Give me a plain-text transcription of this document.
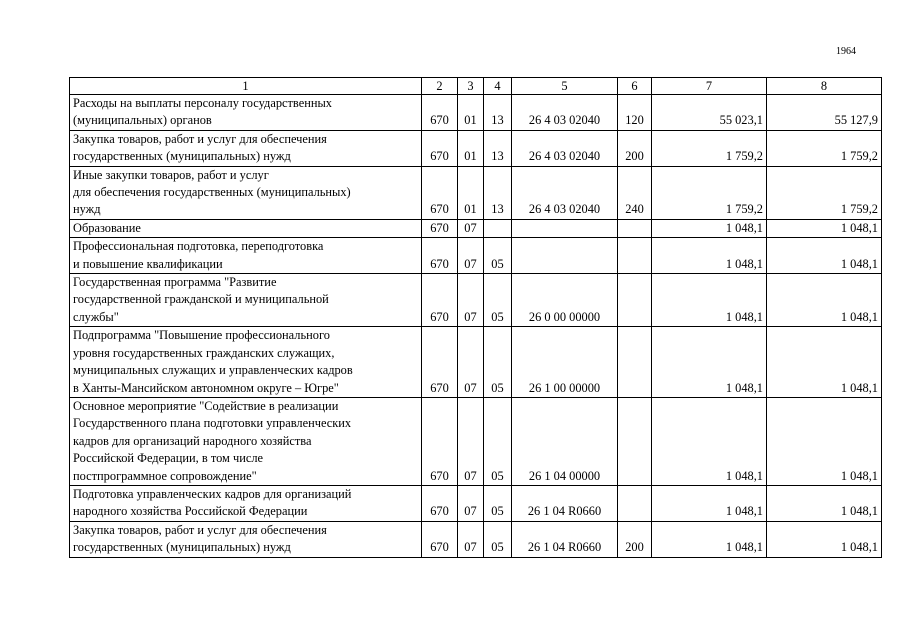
1964
1	2	3	4	5	6	7	8

Расходы на выплаты персоналу государственных
(муниципальных) органов	670	01	13	26 4 03 02040	120	55 023,1	55 127,9

Закупка товаров, работ и услуг для обеспечения
государственных (муниципальных) нужд	670	01	13	26 4 03 02040	200	1 759,2	1 759,2

Иные закупки товаров, работ и услуг
для обеспечения государственных (муниципальных)
нужд	670	01	13	26 4 03 02040	240	1 759,2	1 759,2

Образование	670	07				1 048,1	1 048,1

Профессиональная подготовка, переподготовка
и повышение квалификации	670	07	05			1 048,1	1 048,1

Государственная программа "Развитие
государственной гражданской и муниципальной
службы"	670	07	05	26 0 00 00000		1 048,1	1 048,1

Подпрограмма "Повышение профессионального
уровня государственных гражданских служащих,
муниципальных служащих и управленческих кадров
в Ханты-Мансийском автономном округе – Югре"	670	07	05	26 1 00 00000		1 048,1	1 048,1

Основное мероприятие "Содействие в реализации
Государственного плана подготовки управленческих
кадров для организаций народного хозяйства
Российской Федерации, в том числе
постпрограммное сопровождение"	670	07	05	26 1 04 00000		1 048,1	1 048,1

Подготовка управленческих кадров для организаций
народного хозяйства Российской Федерации	670	07	05	26 1 04 R0660		1 048,1	1 048,1

Закупка товаров, работ и услуг для обеспечения
государственных (муниципальных) нужд	670	07	05	26 1 04 R0660	200	1 048,1	1 048,1
